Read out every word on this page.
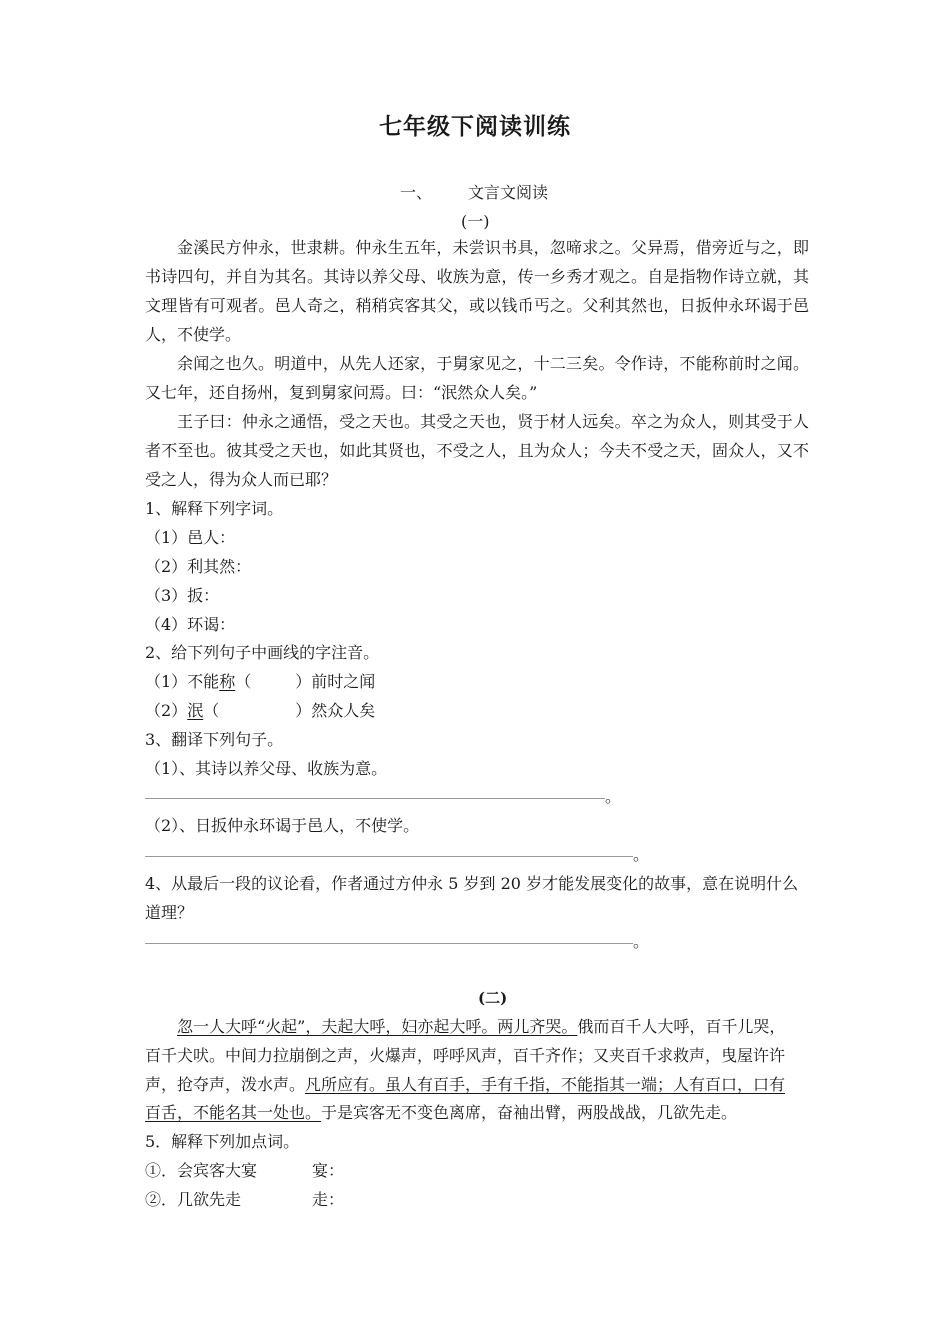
七年级下阅读训练
一、 文言文阅读
(一)
金溪民方仲永，世隶耕。仲永生五年，未尝识书具，忽啼求之。父异焉，借旁近与之，即书诗四句，并自为其名。其诗以养父母、收族为意，传一乡秀才观之。自是指物作诗立就，其文理皆有可观者。邑人奇之，稍稍宾客其父，或以钱币丐之。父利其然也，日扳仲永环谒于邑人，不使学。
余闻之也久。明道中，从先人还家，于舅家见之，十二三矣。令作诗，不能称前时之闻。又七年，还自扬州，复到舅家问焉。曰：“泯然众人矣。”
王子曰：仲永之通悟，受之天也。其受之天也，贤于材人远矣。卒之为众人，则其受于人者不至也。彼其受之天也，如此其贤也，不受之人，且为众人；今夫不受之天，固众人，又不受之人，得为众人而已耶？
1、解释下列字词。
（1）邑人：
（2）利其然：
（3）扳：
（4）环谒：
2、给下列句子中画线的字注音。
（1）不能称（	）前时之闻
（2）泯（	）然众人矣
3、翻译下列句子。
（1）、其诗以养父母、收族为意。
。
（2）、日扳仲永环谒于邑人，不使学。
。
4、从最后一段的议论看，作者通过方仲永 5 岁到 20 岁才能发展变化的故事，意在说明什么
道理？
。
(二)
忽一人大呼“火起”，夫起大呼，妇亦起大呼。两儿齐哭。俄而百千人大呼，百千儿哭，
百千犬吠。中间力拉崩倒之声，火爆声，呼呼风声，百千齐作；又夹百千求救声，曳屋许许
声，抢夺声，泼水声。凡所应有。虽人有百手，手有千指，不能指其一端；人有百口，口有
百舌，不能名其一处也。于是宾客无不变色离席，奋袖出臂，两股战战，几欲先走。
5．解释下列加点词。
①．会宾客大宴	宴：
②．几欲先走	走：
